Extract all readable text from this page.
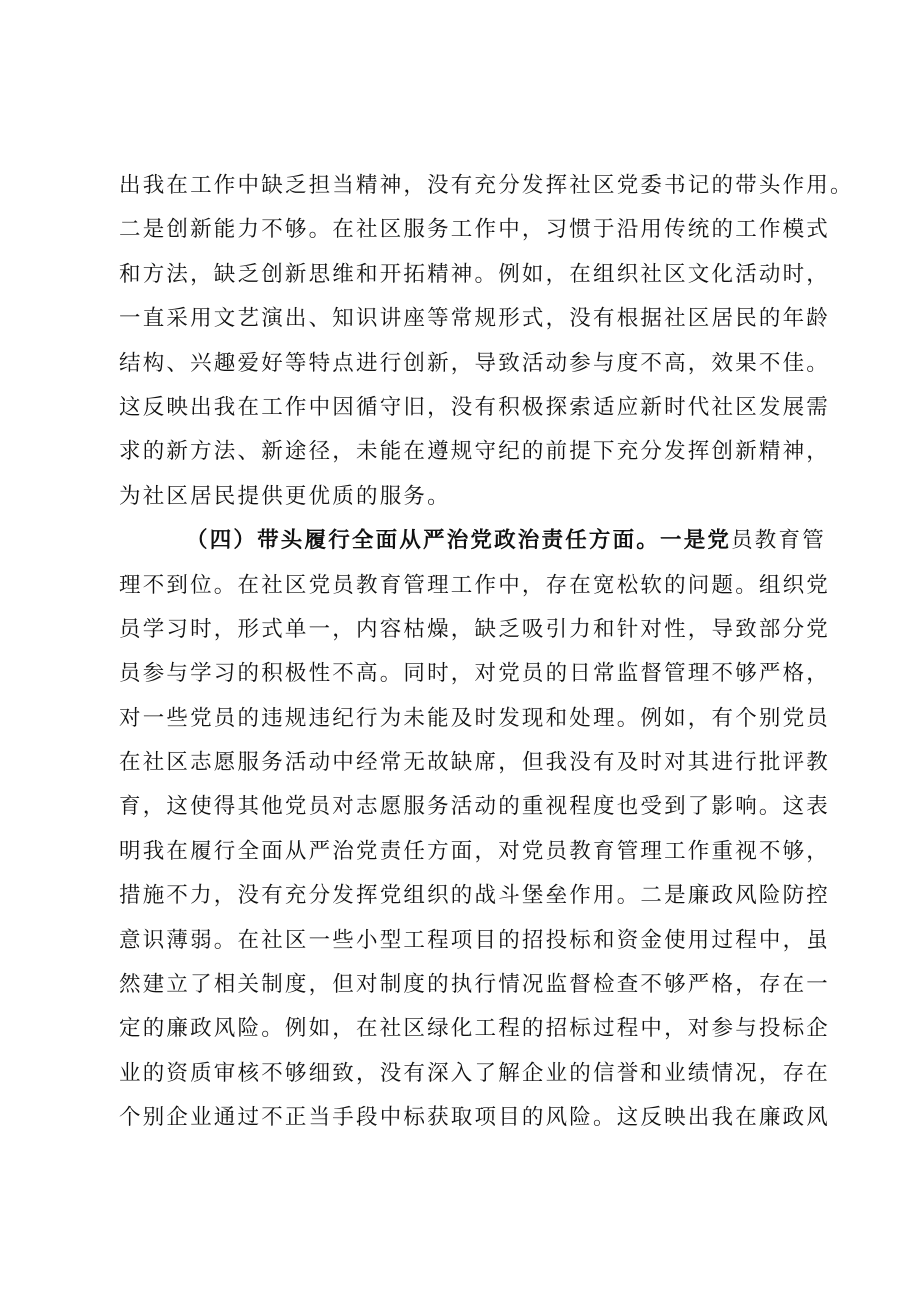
出我在工作中缺乏担当精神，没有充分发挥社区党委书记的带头作用。
二是创新能力不够。在社区服务工作中，习惯于沿用传统的工作模式
和方法，缺乏创新思维和开拓精神。例如，在组织社区文化活动时，
一直采用文艺演出、知识讲座等常规形式，没有根据社区居民的年龄
结构、兴趣爱好等特点进行创新，导致活动参与度不高，效果不佳。
这反映出我在工作中因循守旧，没有积极探索适应新时代社区发展需
求的新方法、新途径，未能在遵规守纪的前提下充分发挥创新精神，
为社区居民提供更优质的服务。
（四）带头履行全面从严治党政治责任方面。一是党员教育管
理不到位。在社区党员教育管理工作中，存在宽松软的问题。组织党
员学习时，形式单一，内容枯燥，缺乏吸引力和针对性，导致部分党
员参与学习的积极性不高。同时，对党员的日常监督管理不够严格，
对一些党员的违规违纪行为未能及时发现和处理。例如，有个别党员
在社区志愿服务活动中经常无故缺席，但我没有及时对其进行批评教
育，这使得其他党员对志愿服务活动的重视程度也受到了影响。这表
明我在履行全面从严治党责任方面，对党员教育管理工作重视不够，
措施不力，没有充分发挥党组织的战斗堡垒作用。二是廉政风险防控
意识薄弱。在社区一些小型工程项目的招投标和资金使用过程中，虽
然建立了相关制度，但对制度的执行情况监督检查不够严格，存在一
定的廉政风险。例如，在社区绿化工程的招标过程中，对参与投标企
业的资质审核不够细致，没有深入了解企业的信誉和业绩情况，存在
个别企业通过不正当手段中标获取项目的风险。这反映出我在廉政风
